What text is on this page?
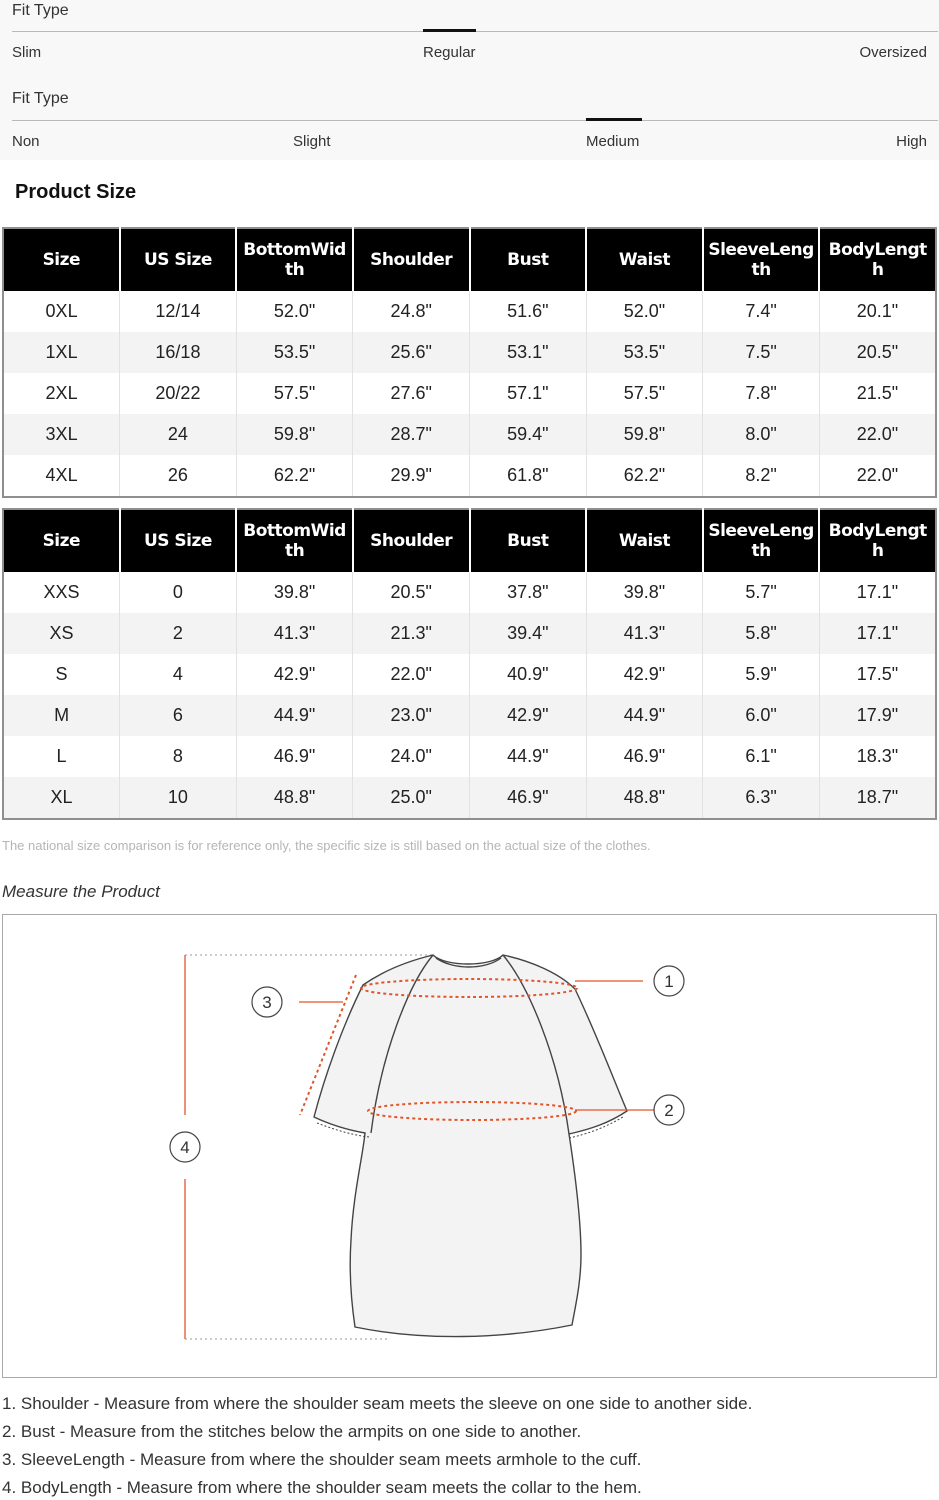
Fit Type
Slim	Regular	Oversized
Fit Type
Non	Slight	Medium	High
Product Size
Size	US Size	BottomWidth	Shoulder	Bust	Waist	SleeveLength	BodyLength
0XL	12/14	52.0"	24.8"	51.6"	52.0"	7.4"	20.1"
1XL	16/18	53.5"	25.6"	53.1"	53.5"	7.5"	20.5"
2XL	20/22	57.5"	27.6"	57.1"	57.5"	7.8"	21.5"
3XL	24	59.8"	28.7"	59.4"	59.8"	8.0"	22.0"
4XL	26	62.2"	29.9"	61.8"	62.2"	8.2"	22.0"
Size	US Size	BottomWidth	Shoulder	Bust	Waist	SleeveLength	BodyLength
XXS	0	39.8"	20.5"	37.8"	39.8"	5.7"	17.1"
XS	2	41.3"	21.3"	39.4"	41.3"	5.8"	17.1"
S	4	42.9"	22.0"	40.9"	42.9"	5.9"	17.5"
M	6	44.9"	23.0"	42.9"	44.9"	6.0"	17.9"
L	8	46.9"	24.0"	44.9"	46.9"	6.1"	18.3"
XL	10	48.8"	25.0"	46.9"	48.8"	6.3"	18.7"
The national size comparison is for reference only, the specific size is still based on the actual size of the clothes.
Measure the Product
1
2
3
4
1. Shoulder - Measure from where the shoulder seam meets the sleeve on one side to another side.
2. Bust - Measure from the stitches below the armpits on one side to another.
3. SleeveLength - Measure from where the shoulder seam meets armhole to the cuff.
4. BodyLength - Measure from where the shoulder seam meets the collar to the hem.
